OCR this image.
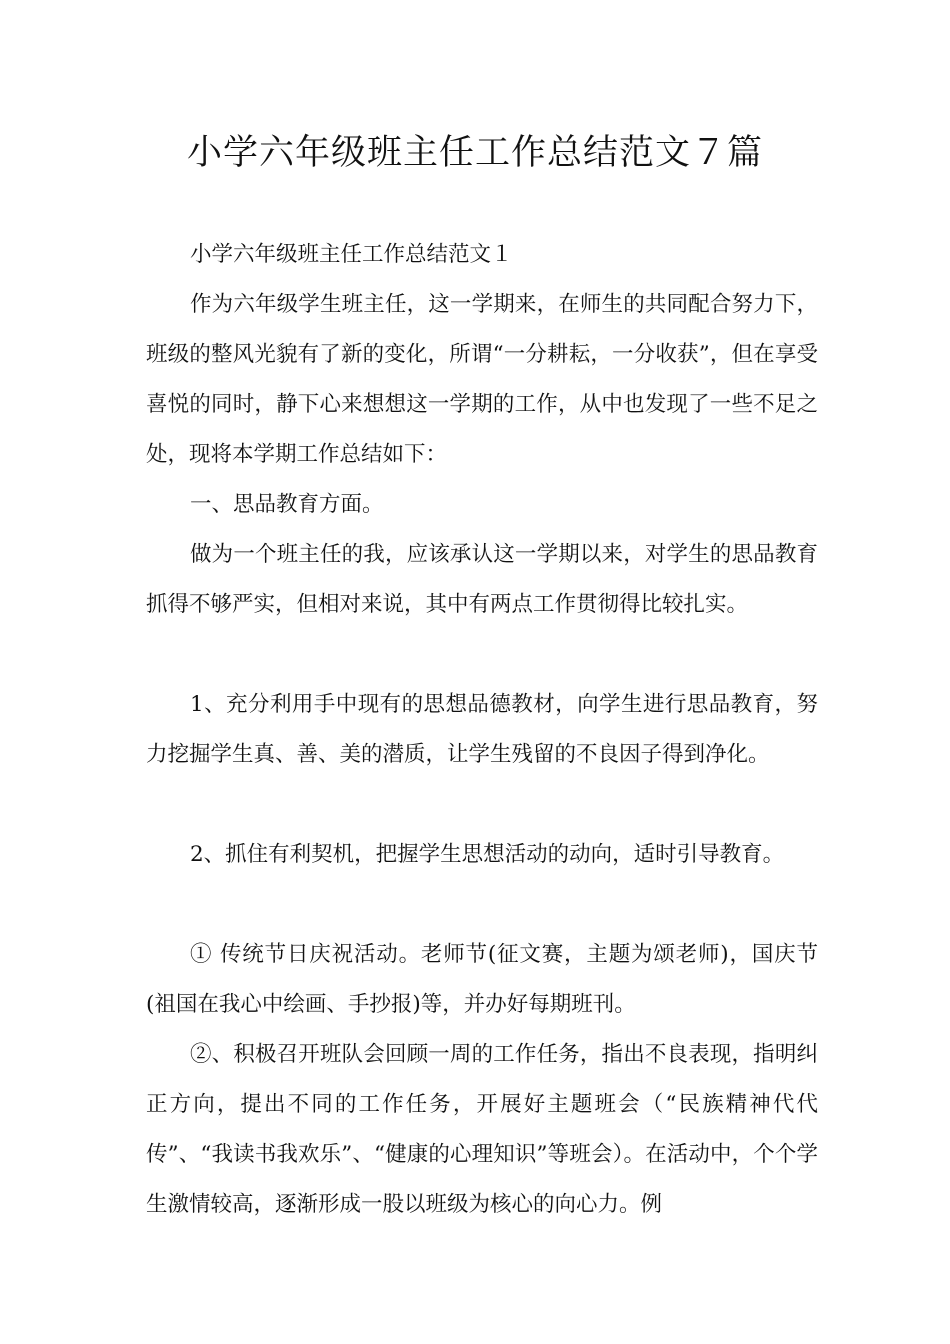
小学六年级班主任工作总结范文７篇

小学六年级班主任工作总结范文１

作为六年级学生班主任，这一学期来，在师生的共同配合努力下，班级的整风光貌有了新的变化，所谓“一分耕耘，一分收获”，但在享受喜悦的同时，静下心来想想这一学期的工作，从中也发现了一些不足之处，现将本学期工作总结如下：

一、思品教育方面。

做为一个班主任的我，应该承认这一学期以来，对学生的思品教育抓得不够严实，但相对来说，其中有两点工作贯彻得比较扎实。

1、充分利用手中现有的思想品德教材，向学生进行思品教育，努力挖掘学生真、善、美的潜质，让学生残留的不良因子得到净化。

2、抓住有利契机，把握学生思想活动的动向，适时引导教育。

① 传统节日庆祝活动。老师节(征文赛，主题为颂老师)，国庆节(祖国在我心中绘画、手抄报)等，并办好每期班刊。

②、积极召开班队会回顾一周的工作任务，指出不良表现，指明纠正方向，提出不同的工作任务，开展好主题班会（“民族精神代代传”、“我读书我欢乐”、“健康的心理知识”等班会）。在活动中，个个学生激情较高，逐渐形成一股以班级为核心的向心力。例
